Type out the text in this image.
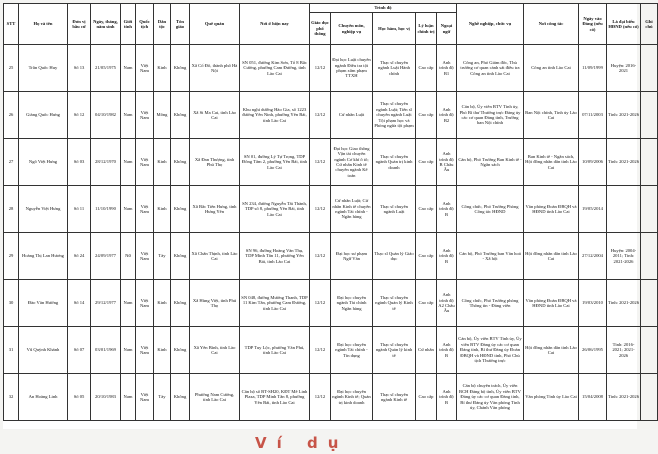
STT	Họ và tên	Đơn vị bầu cử	Ngày, tháng, năm sinh	Giới tính	Quốc tịch	Dân tộc	Tôn giáo	Quê quán	Nơi ở hiện nay	Trình độ					Nghề nghiệp, chức vụ	Nơi công tác	Ngày vào Đảng (nếu có)	Là đại biểu HĐND (nếu có)	Ghi chú
										Giáo dục phổ thông	Chuyên môn, nghiệp vụ	Học hàm, học vị	Lý luận chính trị	Ngoại ngữ					
25	Trần Quốc Huy	Số 13	21/05/1975	Nam	Việt Nam	Kinh	Không	Xã Cổ Đô, thành phố Hà Nội	SN 051, đường Kim Sơn, Tổ 8 Bắc Cường, phường Cam Đường, tỉnh Lào Cai	12/12	Đại học Luật chuyên ngành Điều tra tội phạm xâm phạm TTXH	Thạc sĩ chuyên ngành Luật Hành chính	Cao cấp	Anh trình độ B1	Công an, Phó Giám đốc, Thủ trưởng cơ quan cảnh sát điều tra Công an tỉnh Lào Cai	Công an tỉnh Lào Cai	11/09/1999	Huyện: 2016-2021	
26	Giàng Quốc Hưng	Số 12	04/10/1982	Nam	Việt Nam	Mông	Không	Xã Si Ma Cai, tỉnh Lào Cai	Khu nghỉ dưỡng Hào Gia, số 1223 đường Yên Ninh, phường Yên Bái, tỉnh Lào Cai	12/12	Cử nhân Luật	Thạc sĩ chuyên ngành Luật; Tiến sĩ chuyên ngành Luật Tội phạm học và Phòng ngừa tội phạm	Cao cấp	Anh trình độ B2	Cán bộ, Ủy viên BTV Tỉnh ủy, Phó Bí thư Thường trực Đảng ủy các cơ quan Đảng tỉnh, Trưởng ban Nội chính	Ban Nội chính, Tỉnh ủy Lào Cai	07/11/2003	Tỉnh: 2021-2026	
27	Ngô Việt Hưng	Số 03	28/12/1970	Nam	Việt Nam	Kinh	Không	Xã Đan Thượng, tỉnh Phú Thọ	SN 01, đường Lý Tự Trọng, TDP Đông Tâm 2, phường Yên Bái, tỉnh Lào Cai	12/12	Đại học Giao thông Vận tải chuyên ngành Cơ khí ô tô; Cử nhân Kinh tế chuyên ngành Kế toán	Thạc sĩ chuyên ngành Quản trị kinh doanh	Cao cấp	Anh trình độ B Châu Âu	Cán bộ, Phó Trưởng Ban Kinh tế - Ngân sách	Ban Kinh tế - Ngân sách, Hội đồng nhân dân tỉnh Lào Cai	10/09/2006	Tỉnh: 2021-2026	
28	Nguyễn Việt Hưng	Số 11	11/10/1990	Nam	Việt Nam	Kinh	Không	Xã Bắc Tiến Hưng, tỉnh Hưng Yên	SN 234, đường Nguyễn Tất Thành, TDP số 8, phường Yên Bái, tỉnh Lào Cai	12/12	Cử nhân Luật; Cử nhân Kinh tế chuyên ngành Tài chính - Ngân hàng	Thạc sĩ chuyên ngành Luật	Cao cấp	Anh trình độ B	Công chức, Phó Trưởng Phòng Công tác HĐND	Văn phòng Đoàn ĐBQH và HĐND tỉnh Lào Cai	19/05/2014		
29	Hoàng Thị Lan Hương	Số 24	24/09/1977	Nữ	Việt Nam	Tày	Không	Xã Chấn Thịnh, tỉnh Lào Cai	SN 96, đường Hoàng Văn Thụ, TDP Minh Tân 11, phường Yên Bái, tỉnh Lào Cai	12/12	Đại học sư phạm Ngữ Văn	Thạc sĩ Quản lý Giáo dục	Cao cấp	Anh trình độ B	Cán bộ, Phó Trưởng ban Văn hoá - Xã hội	Hội đồng nhân dân tỉnh Lào Cai	27/12/2004	Huyện: 2004-2011; Tỉnh: 2021-2026	
30	Đào Văn Hường	Số 14	29/12/1977	Nam	Việt Nam	Kinh	Không	Xã Hùng Việt, tỉnh Phú Thọ	SN 048, đường Mường Thanh, TDP 11 Kim Tân, phường Cam Đường, tỉnh Lào Cai	12/12	Đại học chuyên ngành Tài chính Ngân hàng	Thạc sĩ chuyên ngành Quản lý Kinh tế	Cao cấp	Anh trình độ A2 Châu Âu	Công chức, Phó Trưởng phòng Thông tin - Đảng viên	Văn phòng Đoàn ĐBQH và HĐND tỉnh Lào Cai	19/03/2010	Tỉnh: 2021-2026	
31	Vũ Quỳnh Khánh	Số 07	03/01/1969	Nam	Việt Nam	Kinh	Không	Xã Yên Bình, tỉnh Lào Cai	TDP Tuy Lộc, phường Văn Phú, tỉnh Lào Cai	12/12	Đại học chuyên ngành Tài chính - Tín dụng	Thạc sĩ chuyên ngành Quản lý kinh tế	Cử nhân	Anh trình độ B	Cán bộ, Ủy viên BTV Tỉnh ủy, Ủy viên BTV Đảng ủy các cơ quan Đảng tỉnh, Bí thư Đảng ủy Đoàn ĐBQH và HĐND tỉnh, Phó Chủ tịch Thường trực	Hội đồng nhân dân tỉnh Lào Cai	26/06/1995	Tỉnh: 2016-2021; 2021-2026	
32	An Hoàng Linh	Số 05	20/10/1983	Nam	Việt Nam	Tày	Không	Phường Nam Cường, tỉnh Lào Cai	Căn hộ số BT-SH20, KĐT Mê Linh Plaza, TDP Minh Tân 8, phường Yên Bái, tỉnh Lào Cai	12/12	Đại học chuyên ngành Kinh tế; Quản trị kinh doanh	Thạc sĩ chuyên ngành Kinh tế	Cao cấp	Anh trình độ B	Cán bộ chuyên trách, Ủy viên BCH Đảng bộ tỉnh, Ủy viên BTV Đảng ủy các cơ quan Đảng tỉnh, Bí thư Đảng ủy Văn phòng Tỉnh ủy, Chánh Văn phòng	Văn phòng Tỉnh ủy Lào Cai	15/04/2008	Tỉnh: 2021-2026	
Ví dụ
